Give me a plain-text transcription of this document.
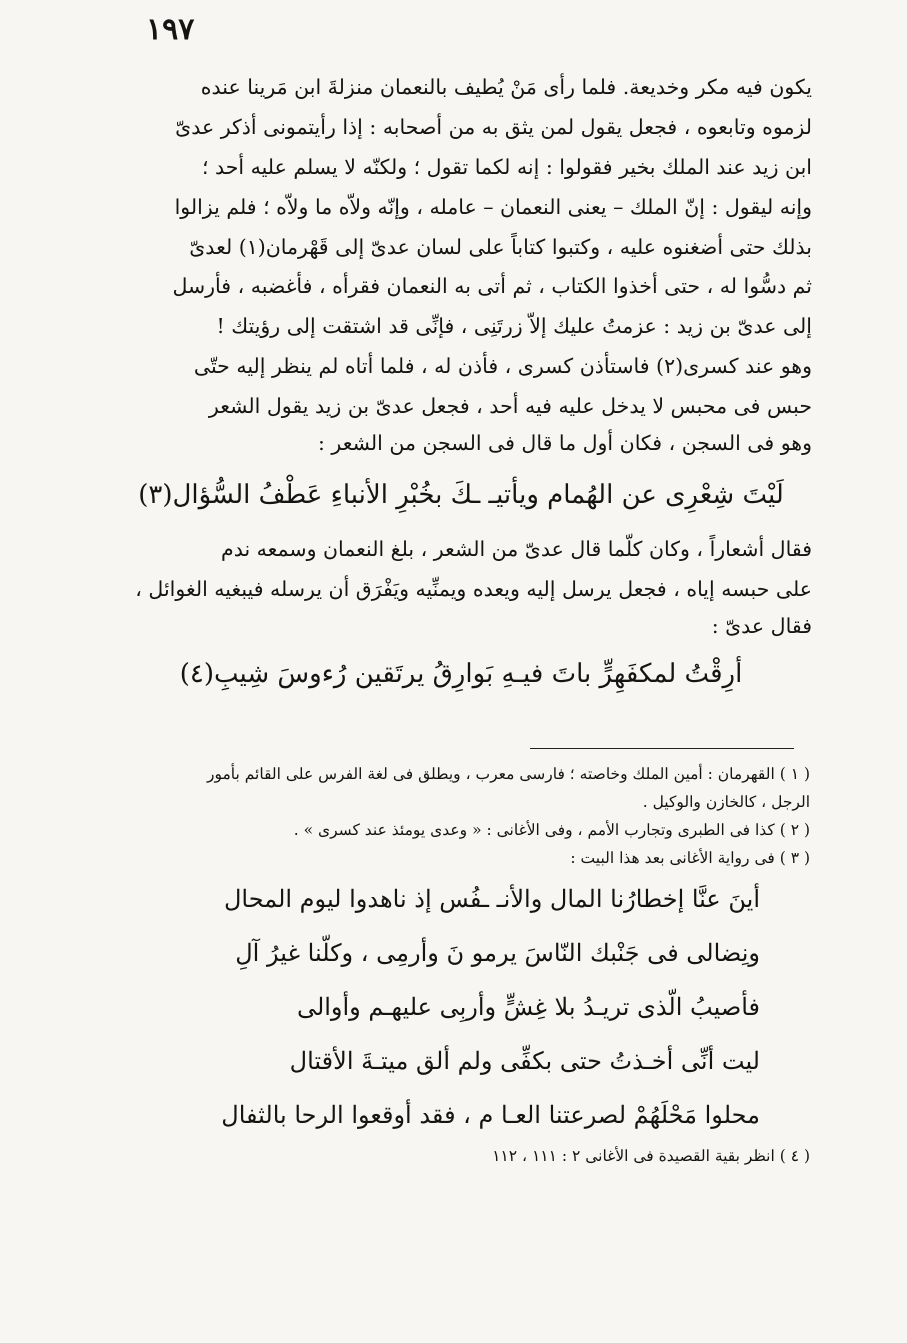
١٩٧
يكون فيه مكر وخديعة. فلما رأى مَنْ يُطيف بالنعمان منزلةَ ابن مَرينا عنده
لزموه وتابعوه ، فجعل يقول لمن يثق به من أصحابه : إذا رأيتمونى أذكر عدىّ
ابن زيد عند الملك بخير فقولوا : إنه لكما تقول ؛ ولكنّه لا يسلم عليه أحد ؛
وإنه ليقول : إنّ الملك – يعنى النعمان – عامله ، وإنّه ولاّه ما ولاّه ؛ فلم يزالوا
بذلك حتى أضغنوه عليه ، وكتبوا كتاباً على لسان عدىّ إلى قَهْرمان(١) لعدىّ
ثم دسُّوا له ، حتى أخذوا الكتاب ، ثم أتى به النعمان فقرأه ، فأغضبه ، فأرسل
إلى عدىّ بن زيد : عزمتُ عليك إلاّ زرتَنِى ، فإنِّى قد اشتقت إلى رؤيتك !
وهو عند كسرى(٢) فاستأذن كسرى ، فأذن له ، فلما أتاه لم ينظر إليه حتّى
حبس فى محبس لا يدخل عليه فيه أحد ، فجعل عدىّ بن زيد يقول الشعر
وهو فى السجن ، فكان أول ما قال فى السجن من الشعر :
لَيْتَ شِعْرِى عن الهُمام ويأتيـ ـكَ بخُبْرِ الأنباءِ عَطْفُ السُّؤال(٣)
فقال أشعاراً ، وكان كلّما قال عدىّ من الشعر ، بلغ النعمان وسمعه ندم
على حبسه إياه ، فجعل يرسل إليه ويعده ويمنِّيه ويَفْرَق أن يرسله فيبغيه الغوائل ،
فقال عدىّ :
أرِقْتُ لمكفَهِرٍّ باتَ فيـهِ بَوارِقُ يرتَقين رُءوسَ شِيبِ(٤)
( ١ ) القهرمان : أمين الملك وخاصته ؛ فارسى معرب ، ويطلق فى لغة الفرس على القائم بأمور
الرجل ، كالخازن والوكيل .
( ٢ ) كذا فى الطبرى وتجارب الأمم ، وفى الأغانى : « وعدى يومئذ عند كسرى » .
( ٣ ) فى رواية الأغانى بعد هذا البيت :
أينَ عنَّا إخطارُنا المال والأنـ ـفُس إذ ناهدوا ليوم المحال
ونِضالى فى جَنْبك النّاسَ يرمو نَ وأرمِى ، وكلّنا غيرُ آلِ
فأصيبُ الّذى تريـدُ بلا غِشٍّ وأربِى عليهـم وأوالى
ليت أنِّى أخـذتُ حتى بكفِّى ولم ألق ميتـةَ الأقتال
محلوا مَحْلَهُمْ لصرعتنا العـا م ، فقد أوقعوا الرحا بالثفال
( ٤ ) انظر بقية القصيدة فى الأغانى ٢ : ١١١ ، ١١٢
